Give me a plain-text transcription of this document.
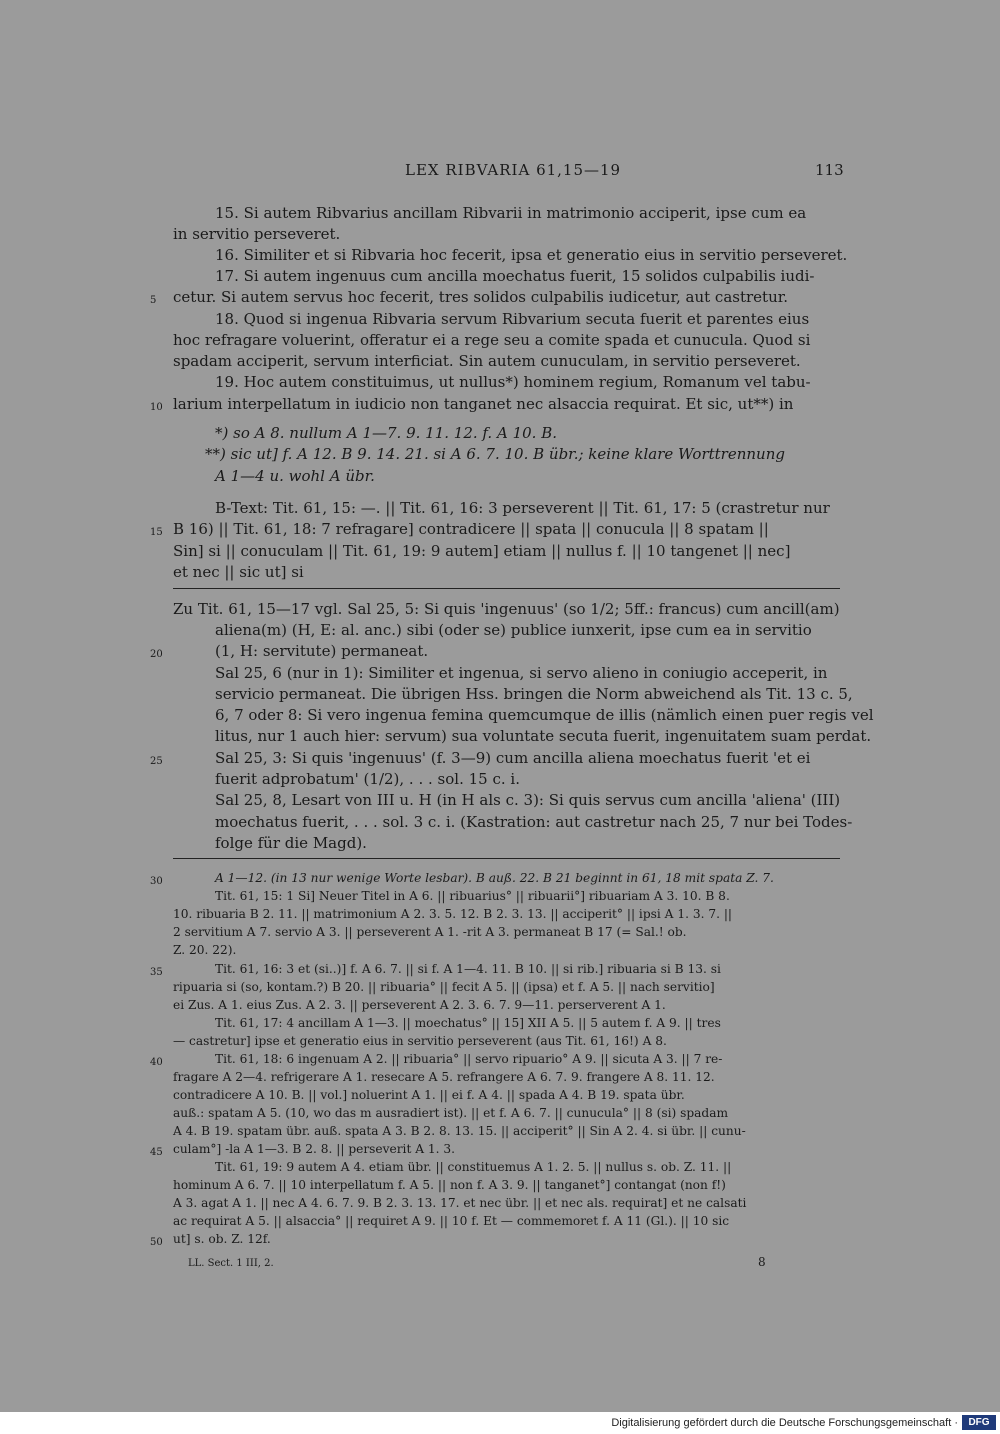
LEX RIBVARIA 61,15—19	113
15. Si autem Ribvarius ancillam Ribvarii in matrimonio acciperit, ipse cum ea
in servitio perseveret.
16. Similiter et si Ribvaria hoc fecerit, ipsa et generatio eius in servitio perseveret.
17. Si autem ingenuus cum ancilla moechatus fuerit, 15 solidos culpabilis iudi-
cetur. Si autem servus hoc fecerit, tres solidos culpabilis iudicetur, aut castretur.
18. Quod si ingenua Ribvaria servum Ribvarium secuta fuerit et parentes eius
hoc refragare voluerint, offeratur ei a rege seu a comite spada et cunucula. Quod si
spadam acciperit, servum interficiat. Sin autem cunuculam, in servitio perseveret.
19. Hoc autem constituimus, ut nullus*) hominem regium, Romanum vel tabu-
larium interpellatum in iudicio non tanganet nec alsaccia requirat. Et sic, ut**) in
*) so A 8. nullum A 1—7. 9. 11. 12. f. A 10. B.
**) sic ut] f. A 12. B 9. 14. 21. si A 6. 7. 10. B übr.; keine klare Worttrennung
A 1—4 u. wohl A übr.
B-Text: Tit. 61, 15: —. || Tit. 61, 16: 3 perseverent || Tit. 61, 17: 5 (crastretur nur
B 16) || Tit. 61, 18: 7 refragare] contradicere || spata || conucula || 8 spatam ||
Sin] si || conuculam || Tit. 61, 19: 9 autem] etiam || nullus f. || 10 tangenet || nec]
et nec || sic ut] si
Zu Tit. 61, 15—17 vgl. Sal 25, 5: Si quis 'ingenuus' (so 1/2; 5ff.: francus) cum ancill(am)
aliena(m) (H, E: al. anc.) sibi (oder se) publice iunxerit, ipse cum ea in servitio
(1, H: servitute) permaneat.
Sal 25, 6 (nur in 1): Similiter et ingenua, si servo alieno in coniugio acceperit, in
servicio permaneat. Die übrigen Hss. bringen die Norm abweichend als Tit. 13 c. 5,
6, 7 oder 8: Si vero ingenua femina quemcumque de illis (nämlich einen puer regis vel
litus, nur 1 auch hier: servum) sua voluntate secuta fuerit, ingenuitatem suam perdat.
Sal 25, 3: Si quis 'ingenuus' (f. 3—9) cum ancilla aliena moechatus fuerit 'et ei
fuerit adprobatum' (1/2), . . . sol. 15 c. i.
Sal 25, 8, Lesart von III u. H (in H als c. 3): Si quis servus cum ancilla 'aliena' (III)
moechatus fuerit, . . . sol. 3 c. i. (Kastration: aut castretur nach 25, 7 nur bei Todes-
folge für die Magd).
A 1—12. (in 13 nur wenige Worte lesbar). B auß. 22. B 21 beginnt in 61, 18 mit spata Z. 7.
Tit. 61, 15: 1 Si] Neuer Titel in A 6. || ribuarius° || ribuarii°] ribuariam A 3. 10. B 8.
10. ribuaria B 2. 11. || matrimonium A 2. 3. 5. 12. B 2. 3. 13. || acciperit° || ipsi A 1. 3. 7. ||
2 servitium A 7. servio A 3. || perseverent A 1. -rit A 3. permaneat B 17 (= Sal.! ob.
Z. 20. 22).
Tit. 61, 16: 3 et (si..)] f. A 6. 7. || si f. A 1—4. 11. B 10. || si rib.] ribuaria si B 13. si
ripuaria si (so, kontam.?) B 20. || ribuaria° || fecit A 5. || (ipsa) et f. A 5. || nach servitio]
ei Zus. A 1. eius Zus. A 2. 3. || perseverent A 2. 3. 6. 7. 9—11. perserverent A 1.
Tit. 61, 17: 4 ancillam A 1—3. || moechatus° || 15] XII A 5. || 5 autem f. A 9. || tres
— castretur] ipse et generatio eius in servitio perseverent (aus Tit. 61, 16!) A 8.
Tit. 61, 18: 6 ingenuam A 2. || ribuaria° || servo ripuario° A 9. || sicuta A 3. || 7 re-
fragare A 2—4. refrigerare A 1. resecare A 5. refrangere A 6. 7. 9. frangere A 8. 11. 12.
contradicere A 10. B. || vol.] noluerint A 1. || ei f. A 4. || spada A 4. B 19. spata übr.
auß.: spatam A 5. (10, wo das m ausradiert ist). || et f. A 6. 7. || cunucula° || 8 (si) spadam
A 4. B 19. spatam übr. auß. spata A 3. B 2. 8. 13. 15. || acciperit° || Sin A 2. 4. si übr. || cunu-
culam°] -la A 1—3. B 2. 8. || perseverit A 1. 3.
Tit. 61, 19: 9 autem A 4. etiam übr. || constituemus A 1. 2. 5. || nullus s. ob. Z. 11. ||
hominum A 6. 7. || 10 interpellatum f. A 5. || non f. A 3. 9. || tanganet°] contangat (non f!)
A 3. agat A 1. || nec A 4. 6. 7. 9. B 2. 3. 13. 17. et nec übr. || et nec als. requirat] et ne calsati
ac requirat A 5. || alsaccia° || requiret A 9. || 10 f. Et — commemoret f. A 11 (Gl.). || 10 sic
ut] s. ob. Z. 12f.
5
10
15
20
25
30
35
40
45
50
LL. Sect. 1 III, 2.	8
Digitalisierung gefördert durch die Deutsche Forschungsgemeinschaft ·	DFG
